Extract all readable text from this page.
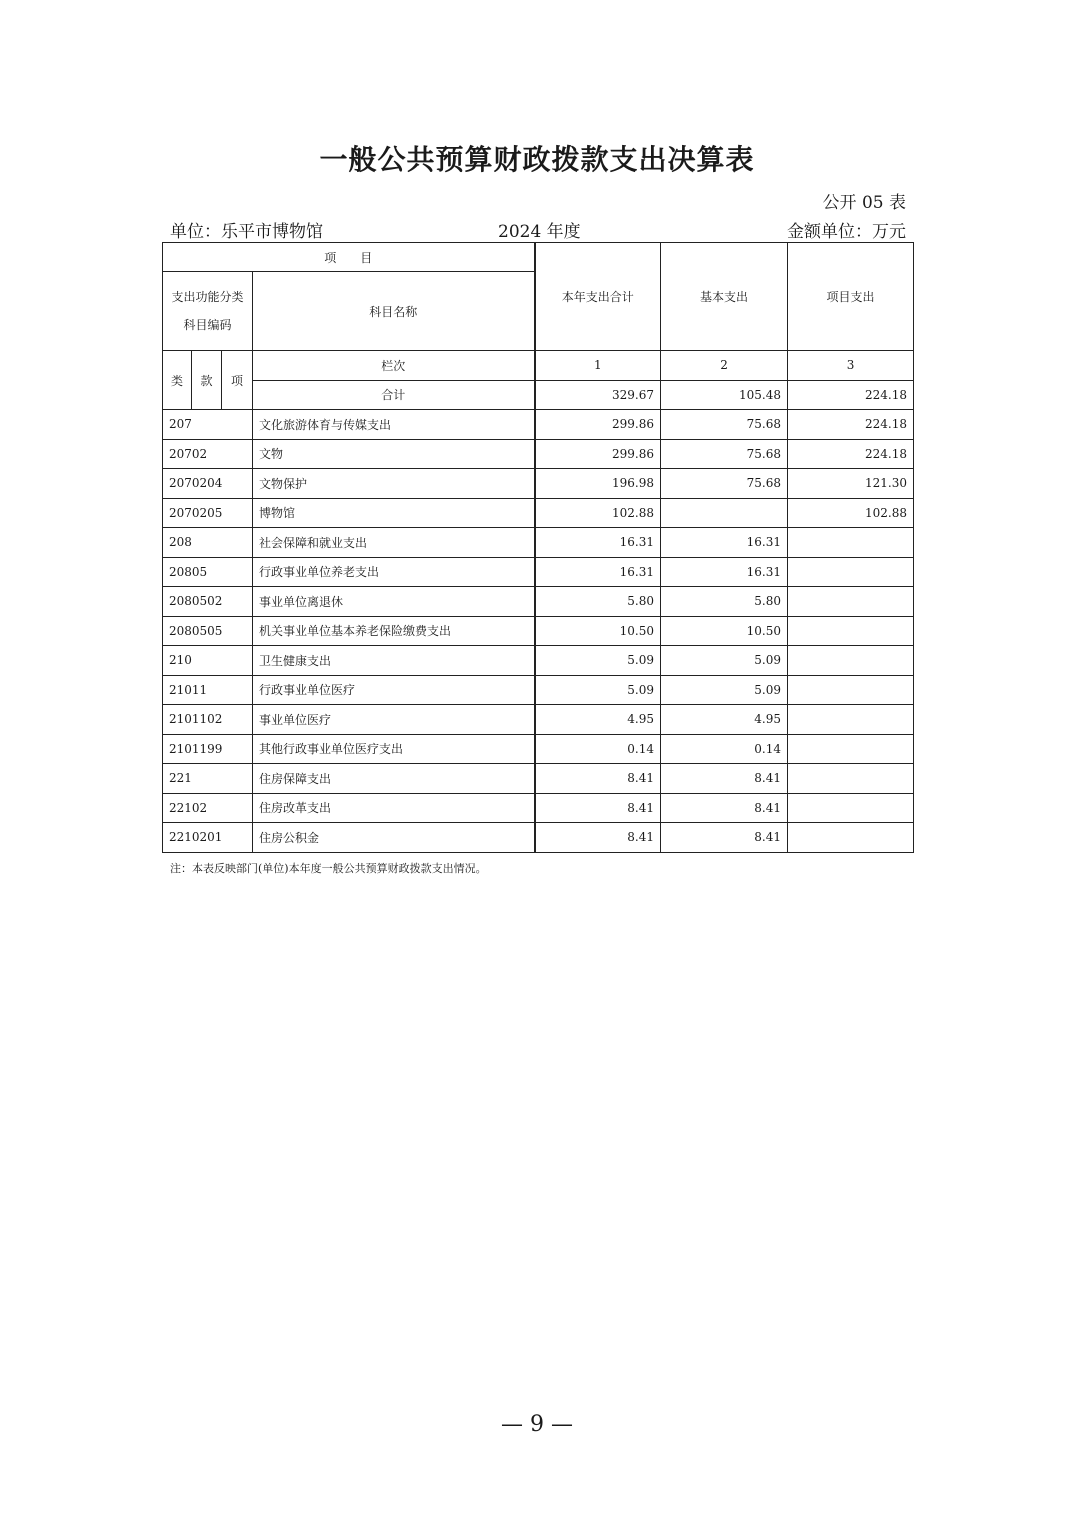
一般公共预算财政拨款支出决算表
公开 05 表
单位：乐平市博物馆	2024 年度	金额单位：万元
项　　目				本年支出合计	基本支出	项目支出

支出功能分类科目编码			科目名称			
类	款	项	栏次	1	2	3
			合计	329.67	105.48	224.18
207			文化旅游体育与传媒支出	299.86	75.68	224.18
20702			文物	299.86	75.68	224.18
2070204			文物保护	196.98	75.68	121.30
2070205			博物馆	102.88		102.88
208			社会保障和就业支出	16.31	16.31	
20805			行政事业单位养老支出	16.31	16.31	
2080502			事业单位离退休	5.80	5.80	
2080505			机关事业单位基本养老保险缴费支出	10.50	10.50	
210			卫生健康支出	5.09	5.09	
21011			行政事业单位医疗	5.09	5.09	
2101102			事业单位医疗	4.95	4.95	
2101199			其他行政事业单位医疗支出	0.14	0.14	
221			住房保障支出	8.41	8.41	
22102			住房改革支出	8.41	8.41	
2210201			住房公积金	8.41	8.41	
注：本表反映部门(单位)本年度一般公共预算财政拨款支出情况。
— 9 —
